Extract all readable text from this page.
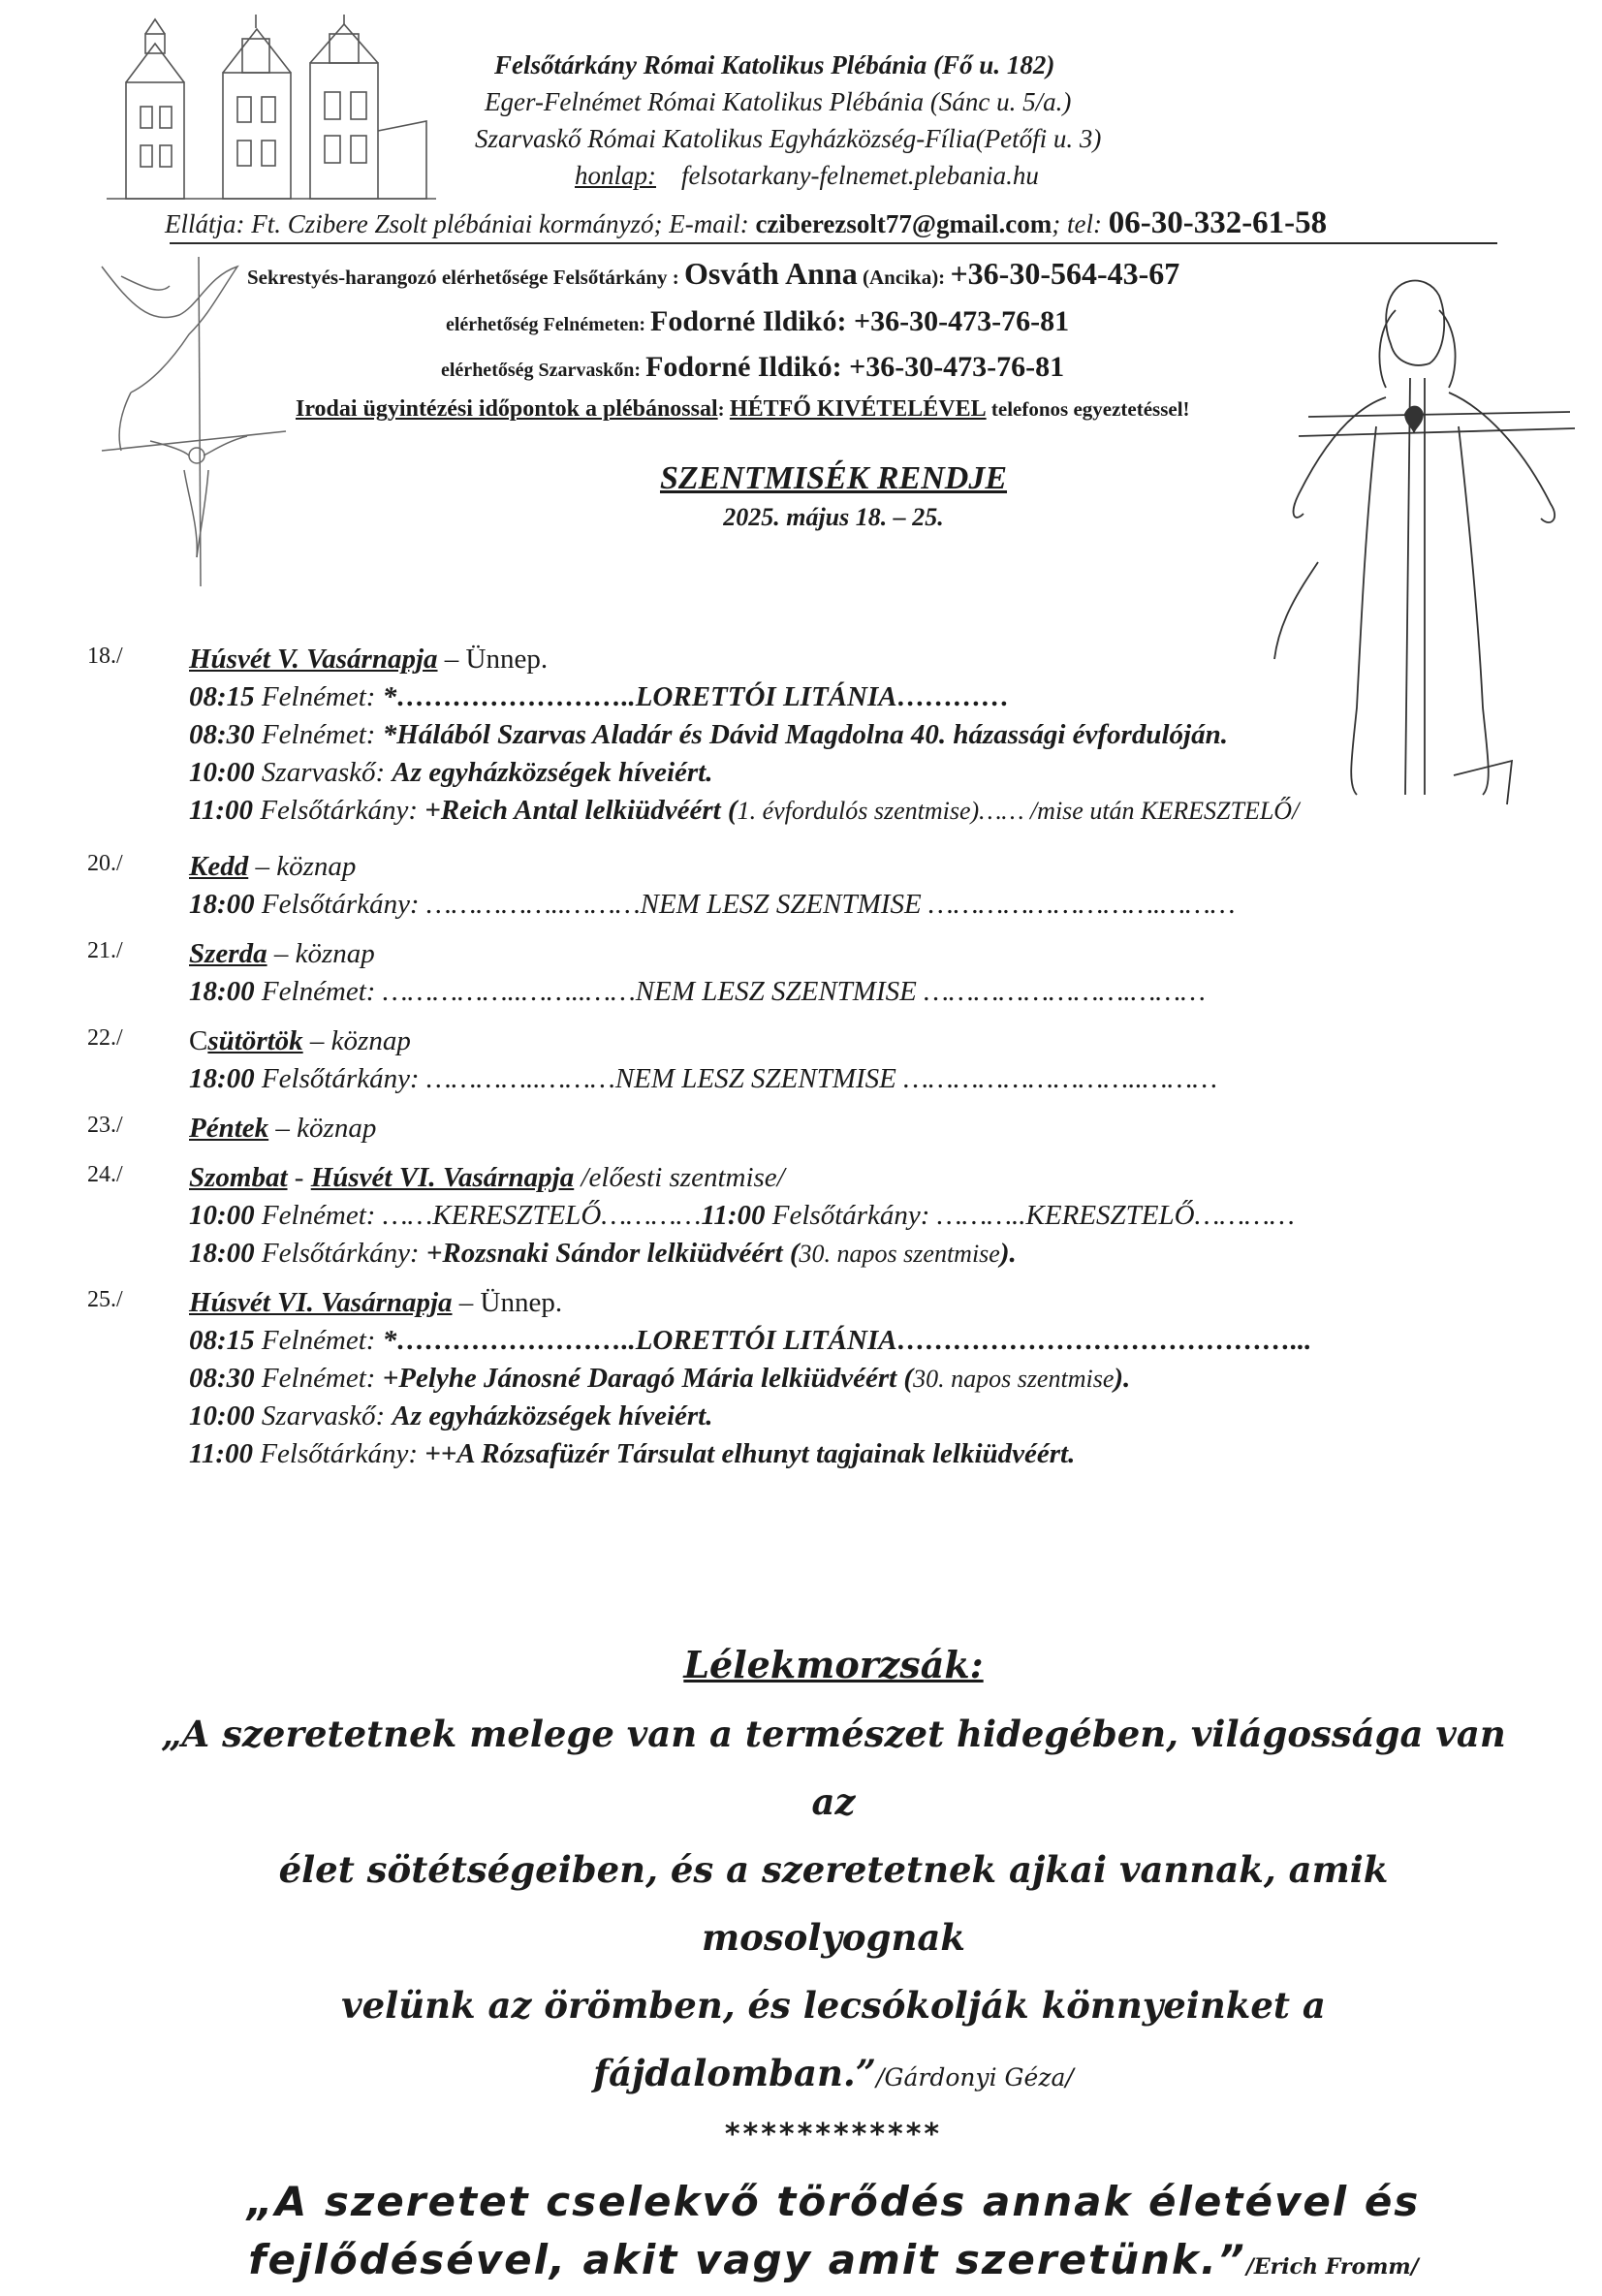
Felsőtárkány Római Katolikus Plébánia (Fő u. 182)
Eger-Felnémet Római Katolikus Plébánia (Sánc u. 5/a.)
Szarvaskő Római Katolikus Egyházközség-Fília(Petőfi u. 3)
honlap: felsotarkany-felnemet.plebania.hu
Ellátja: Ft. Czibere Zsolt plébániai kormányzó; E-mail: cziberezsolt77@gmail.com; tel: 06-30-332-61-58
Sekrestyés-harangozó elérhetősége Felsőtárkány : Osváth Anna (Ancika): +36-30-564-43-67
elérhetőség Felnémeten: Fodorné Ildikó: +36-30-473-76-81
elérhetőség Szarvaskőn: Fodorné Ildikó: +36-30-473-76-81
Irodai ügyintézési időpontok a plébánossal: HÉTFŐ KIVÉTELÉVEL telefonos egyeztetéssel!
SZENTMISÉK RENDJE
2025. május 18. – 25.
18./ Húsvét V. Vasárnapja – Ünnep.
08:15 Felnémet: *……………………..LORETTÓI LITÁNIA…………
08:30 Felnémet: *Hálából Szarvas Aladár és Dávid Magdolna 40. házassági évfordulóján.
10:00 Szarvaskő: Az egyházközségek híveiért.
11:00 Felsőtárkány: +Reich Antal lelkiüdvéért (1. évfordulós szentmise)…… /mise után KERESZTELŐ/
20./ Kedd – köznap
18:00 Felsőtárkány: ……………..………NEM LESZ SZENTMISE ……………………….………
21./ Szerda – köznap
18:00 Felnémet: ……………..……..……NEM LESZ SZENTMISE …………………….………
22./ Csütörtök – köznap
18:00 Felsőtárkány: …………..………NEM LESZ SZENTMISE ………………………..………
23./ Péntek – köznap
24./ Szombat - Húsvét VI. Vasárnapja /előesti szentmise/
10:00 Felnémet: ……KERESZTELŐ…………11:00 Felsőtárkány: ………..KERESZTELŐ…………
18:00 Felsőtárkány: +Rozsnaki Sándor lelkiüdvéért (30. napos szentmise).
25./ Húsvét VI. Vasárnapja – Ünnep.
08:15 Felnémet: *……………………..LORETTÓI LITÁNIA……………………………………...
08:30 Felnémet: +Pelyhe Jánosné Daragó Mária lelkiüdvéért (30. napos szentmise).
10:00 Szarvaskő: Az egyházközségek híveiért.
11:00 Felsőtárkány: ++A Rózsafüzér Társulat elhunyt tagjainak lelkiüdvéért.
Lélekmorzsák:
„A szeretetnek melege van a természet hidegében, világossága van az
élet sötétségeiben, és a szeretetnek ajkai vannak, amik mosolyognak
velünk az örömben, és lecsókolják könnyeinket a
fájdalomban.”/Gárdonyi Géza/
************
„A szeretet cselekvő törődés annak életével és
fejlődésével, akit vagy amit szeretünk.”/Erich Fromm/
